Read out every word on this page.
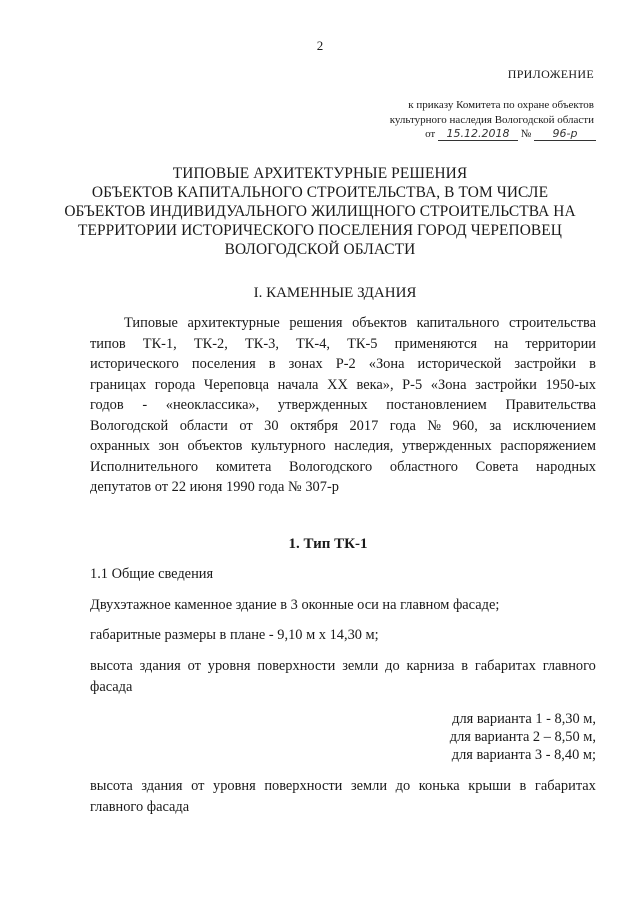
2
ПРИЛОЖЕНИЕ
к приказу Комитета по охране объектов
культурного наследия Вологодской области
от 15.12.2018 № 96-р
ТИПОВЫЕ АРХИТЕКТУРНЫЕ РЕШЕНИЯ
ОБЪЕКТОВ КАПИТАЛЬНОГО СТРОИТЕЛЬСТВА, В ТОМ ЧИСЛЕ
ОБЪЕКТОВ ИНДИВИДУАЛЬНОГО ЖИЛИЩНОГО СТРОИТЕЛЬСТВА НА
ТЕРРИТОРИИ ИСТОРИЧЕСКОГО ПОСЕЛЕНИЯ ГОРОД ЧЕРЕПОВЕЦ
ВОЛОГОДСКОЙ ОБЛАСТИ
I. КАМЕННЫЕ ЗДАНИЯ
Типовые архитектурные решения объектов капитального строительства
типов ТК-1, ТК-2, ТК-3, ТК-4, ТК-5 применяются на территории
исторического поселения в зонах Р-2 «Зона исторической застройки в
границах города Череповца начала XX века», Р-5 «Зона застройки 1950-ых
годов - «неоклассика», утвержденных постановлением Правительства
Вологодской области от 30 октября 2017 года № 960, за исключением
охранных зон объектов культурного наследия, утвержденных распоряжением
Исполнительного комитета Вологодского областного Совета народных
депутатов от 22 июня 1990 года № 307-р
1. Тип ТК-1
1.1 Общие сведения
Двухэтажное каменное здание в 3 оконные оси на главном фасаде;
габаритные размеры в плане - 9,10 м х 14,30 м;
высота здания от уровня поверхности земли до карниза в габаритах главного
фасада
для варианта 1 - 8,30 м,
для варианта 2 – 8,50 м,
для варианта 3 - 8,40 м;
высота здания от уровня поверхности земли до конька крыши в габаритах
главного фасада
